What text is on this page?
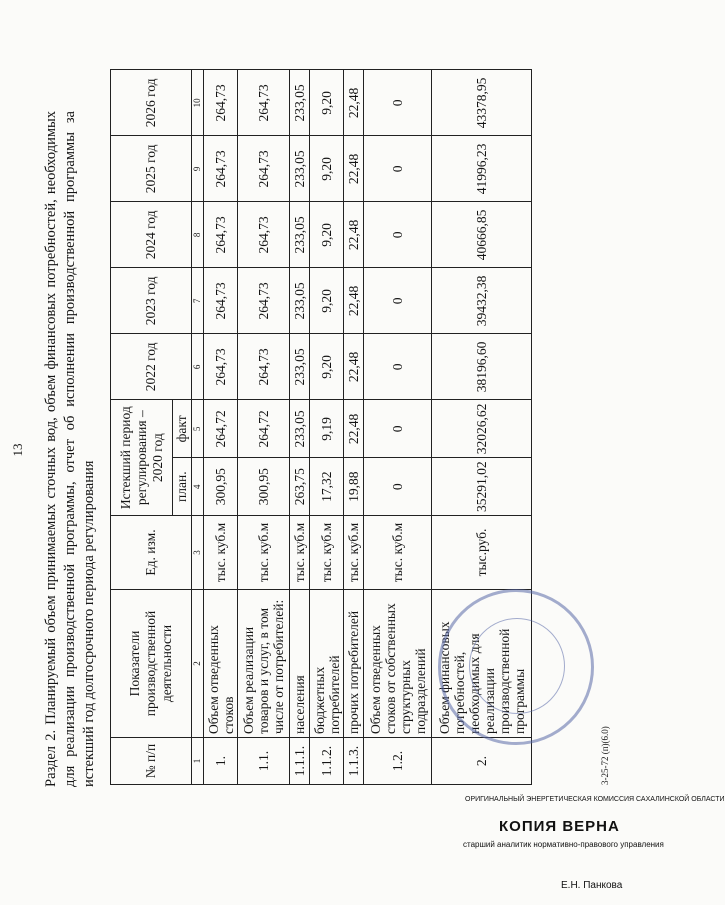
13 Раздел 2. Планируемый объем принимаемых сточных вод, объем финансовых потребностей, необходимых для реализации производственной программы, отчет об исполнении производственной программы за истекший год долгосрочного периода регулирования	№ п/п	Показатели производственной деятельности	Ед. изм.	Истекший период регулирования – 2020 год		2022 год	2023 год	2024 год	2025 год	2026 год
			план.	факт					
1	2	3	4	5	6	7	8	9	10
1.	Объем отведенных стоков	тыс. куб.м	300,95	264,72	264,73	264,73	264,73	264,73	264,73
1.1.	Объем реализации товаров и услуг, в том числе от потребителей:	тыс. куб.м	300,95	264,72	264,73	264,73	264,73	264,73	264,73
1.1.1.	населения	тыс. куб.м	263,75	233,05	233,05	233,05	233,05	233,05	233,05
1.1.2.	бюджетных потребителей	тыс. куб.м	17,32	9,19	9,20	9,20	9,20	9,20	9,20
1.1.3.	прочих потребителей	тыс. куб.м	19,88	22,48	22,48	22,48	22,48	22,48	22,48
1.2.	Объем отведенных стоков от собственных структурных подразделений	тыс. куб.м	0	0	0	0	0	0	0
2.	Объем финансовых потребностей, необходимых для реализации производственной программы	тыс.руб.	35291,02	32026,62	38196,60	39432,38	40666,85	41996,23	43378,95
3-25-72 (п)(6.0)
ОРИГИНАЛЬНЫЙ ЭНЕРГЕТИЧЕСКАЯ КОМИССИЯ САХАЛИНСКОЙ ОБЛАСТИ
КОПИЯ ВЕРНА
старший аналитик нормативно-правового управления
Е.Н. Панкова
